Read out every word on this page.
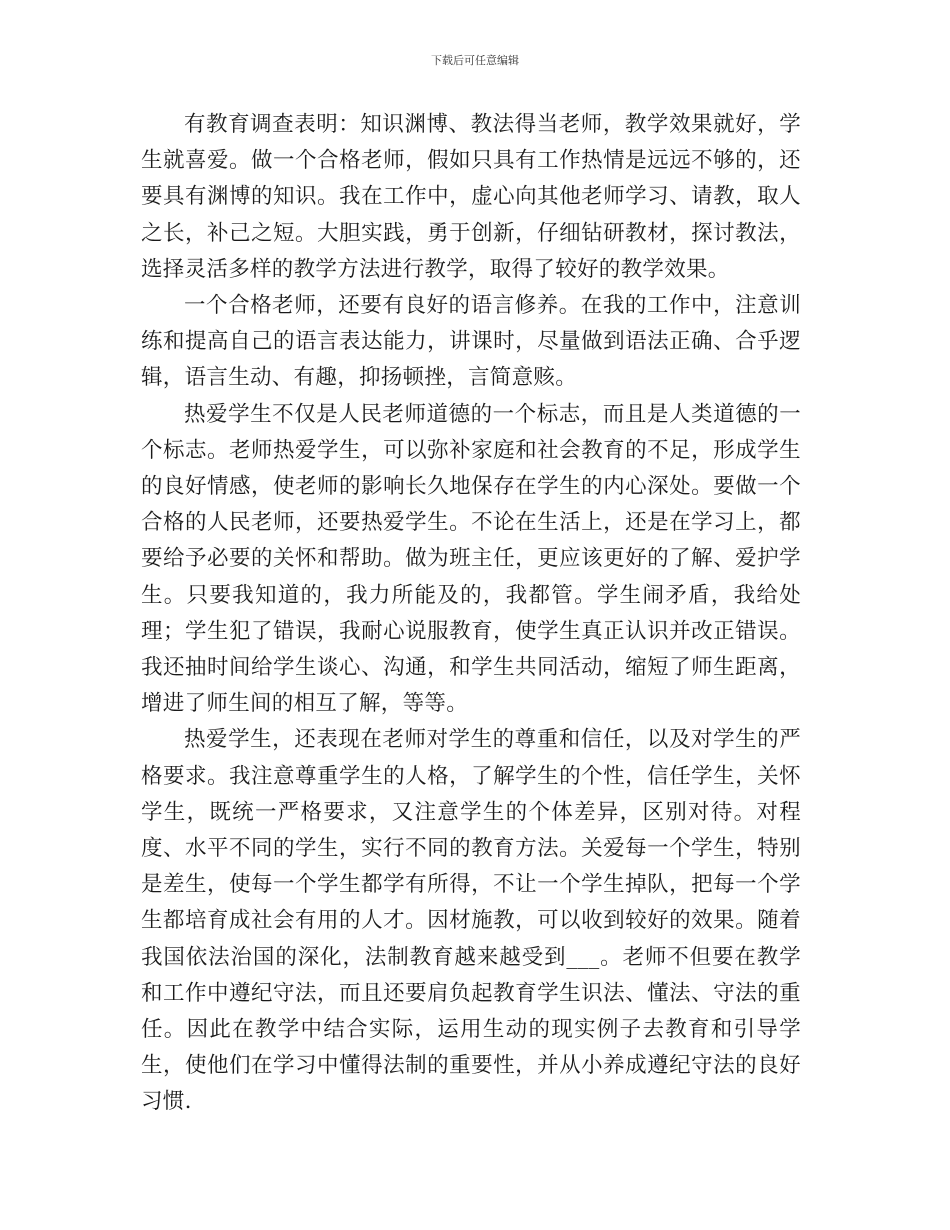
下载后可任意编辑

有教育调查表明：知识渊博、教法得当老师，教学效果就好，学生就喜爱。做一个合格老师，假如只具有工作热情是远远不够的，还要具有渊博的知识。我在工作中，虚心向其他老师学习、请教，取人之长，补己之短。大胆实践，勇于创新，仔细钻研教材，探讨教法，选择灵活多样的教学方法进行教学，取得了较好的教学效果。

一个合格老师，还要有良好的语言修养。在我的工作中，注意训练和提高自己的语言表达能力，讲课时，尽量做到语法正确、合乎逻辑，语言生动、有趣，抑扬顿挫，言简意赅。

热爱学生不仅是人民老师道德的一个标志，而且是人类道德的一个标志。老师热爱学生，可以弥补家庭和社会教育的不足，形成学生的良好情感，使老师的影响长久地保存在学生的内心深处。要做一个合格的人民老师，还要热爱学生。不论在生活上，还是在学习上，都要给予必要的关怀和帮助。做为班主任，更应该更好的了解、爱护学生。只要我知道的，我力所能及的，我都管。学生闹矛盾，我给处理；学生犯了错误，我耐心说服教育，使学生真正认识并改正错误。我还抽时间给学生谈心、沟通，和学生共同活动，缩短了师生距离，增进了师生间的相互了解，等等。

热爱学生，还表现在老师对学生的尊重和信任，以及对学生的严格要求。我注意尊重学生的人格，了解学生的个性，信任学生，关怀学生，既统一严格要求，又注意学生的个体差异，区别对待。对程度、水平不同的学生，实行不同的教育方法。关爱每一个学生，特别是差生，使每一个学生都学有所得，不让一个学生掉队，把每一个学生都培育成社会有用的人才。因材施教，可以收到较好的效果。随着我国依法治国的深化，法制教育越来越受到___。老师不但要在教学和工作中遵纪守法，而且还要肩负起教育学生识法、懂法、守法的重任。因此在教学中结合实际，运用生动的现实例子去教育和引导学生，使他们在学习中懂得法制的重要性，并从小养成遵纪守法的良好习惯.
